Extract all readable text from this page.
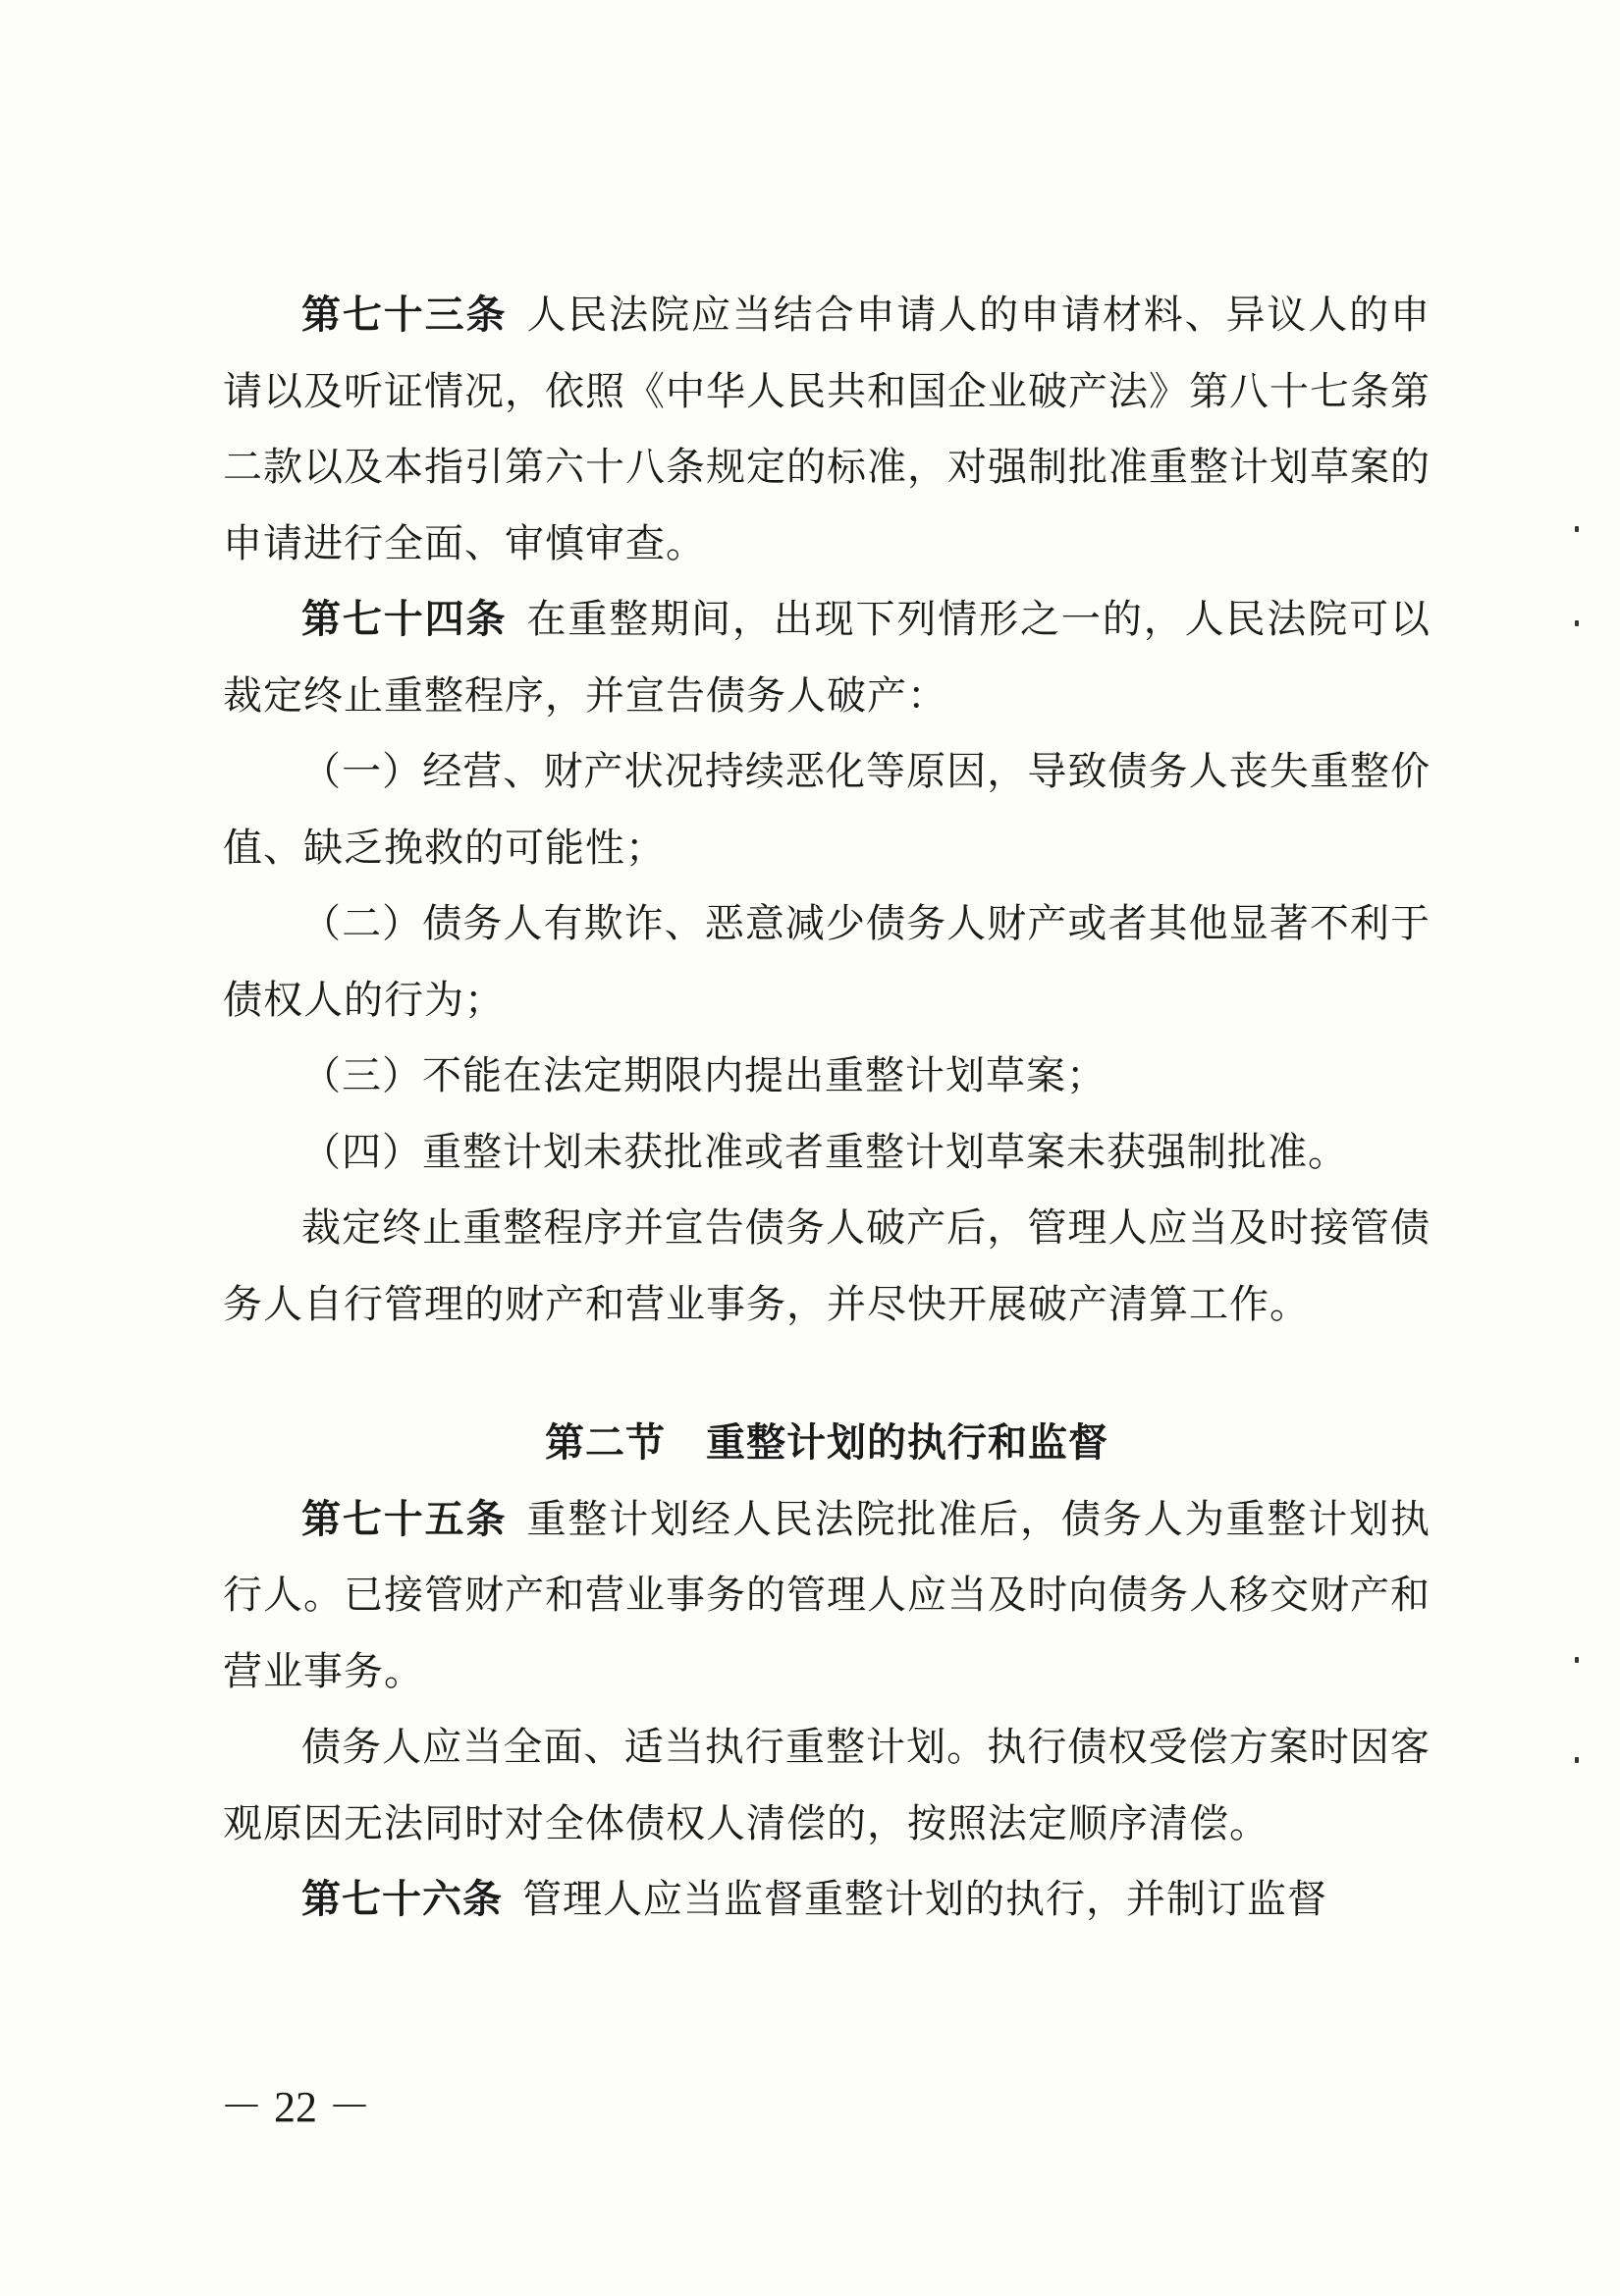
第七十三条 人民法院应当结合申请人的申请材料、异议人的申请以及听证情况，依照《中华人民共和国企业破产法》第八十七条第二款以及本指引第六十八条规定的标准，对强制批准重整计划草案的申请进行全面、审慎审查。

第七十四条 在重整期间，出现下列情形之一的，人民法院可以裁定终止重整程序，并宣告债务人破产：

（一）经营、财产状况持续恶化等原因，导致债务人丧失重整价值、缺乏挽救的可能性；

（二）债务人有欺诈、恶意减少债务人财产或者其他显著不利于债权人的行为；

（三）不能在法定期限内提出重整计划草案；

（四）重整计划未获批准或者重整计划草案未获强制批准。

裁定终止重整程序并宣告债务人破产后，管理人应当及时接管债务人自行管理的财产和营业事务，并尽快开展破产清算工作。

第二节　重整计划的执行和监督

第七十五条 重整计划经人民法院批准后，债务人为重整计划执行人。已接管财产和营业事务的管理人应当及时向债务人移交财产和营业事务。

债务人应当全面、适当执行重整计划。执行债权受偿方案时因客观原因无法同时对全体债权人清偿的，按照法定顺序清偿。

第七十六条 管理人应当监督重整计划的执行，并制订监督

－ 22 －
